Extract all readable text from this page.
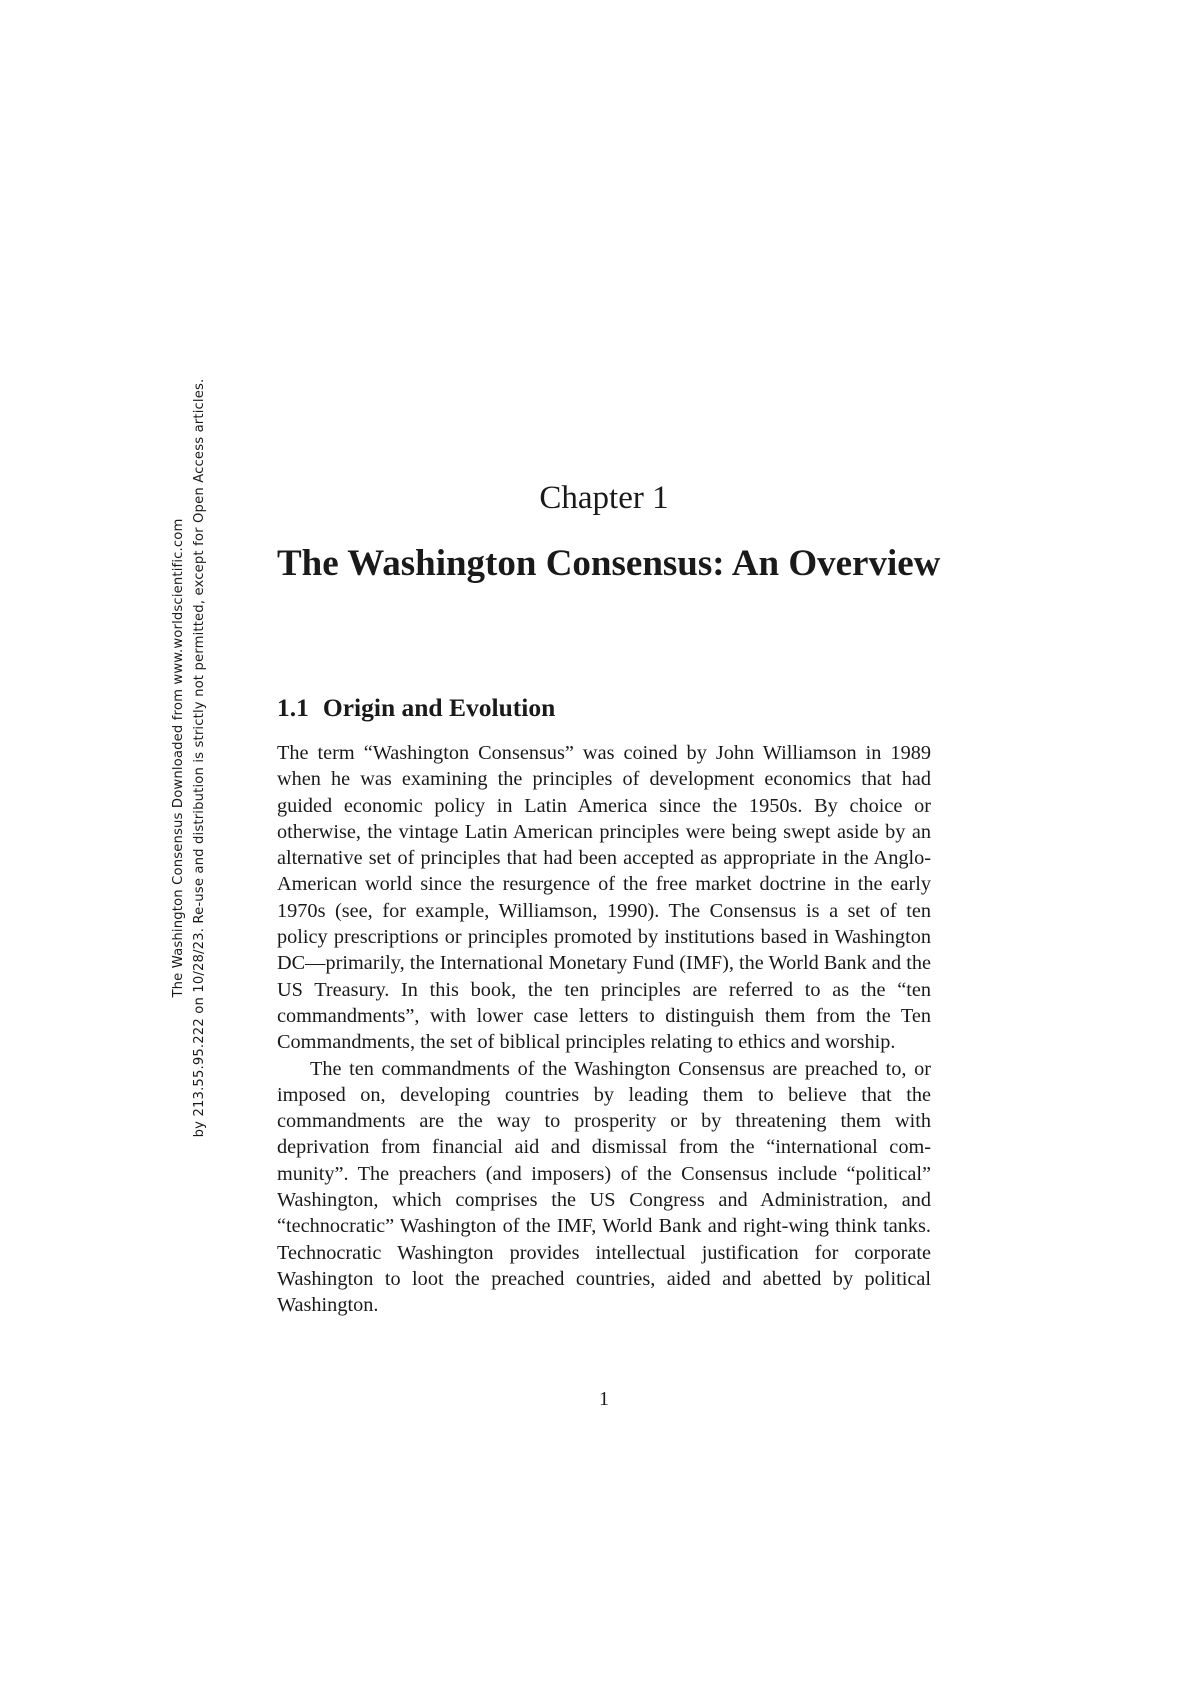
The Washington Consensus Downloaded from www.worldscientific.com by 213.55.95.222 on 10/28/23. Re-use and distribution is strictly not permitted, except for Open Access articles.	Chapter 1
The Washington Consensus: An Overview
1.1 Origin and Evolution

The term “Washington Consensus” was coined by John Williamson in 1989 when he was examining the principles of development economics that had guided economic policy in Latin America since the 1950s. By choice or otherwise, the vintage Latin American principles were being swept aside by an alternative set of principles that had been accepted as appropriate in the Anglo-American world since the resurgence of the free market doctrine in the early 1970s (see, for example, Williamson, 1990). The Consensus is a set of ten policy prescriptions or principles promoted by institutions based in Washington DC—primarily, the International Monetary Fund (IMF), the World Bank and the US Treasury. In this book, the ten principles are referred to as the “ten commandments”, with lower case letters to distinguish them from the Ten Commandments, the set of biblical principles relating to ethics and worship.

The ten commandments of the Washington Consensus are preached to, or imposed on, developing countries by leading them to believe that the commandments are the way to prosperity or by threatening them with deprivation from financial aid and dismissal from the “international community”. The preachers (and imposers) of the Consensus include “political” Washington, which comprises the US Congress and Administration, and “technocratic” Washington of the IMF, World Bank and right-wing think tanks. Technocratic Washington provides intellectual justification for corporate Washington to loot the preached countries, aided and abetted by political Washington.

1
